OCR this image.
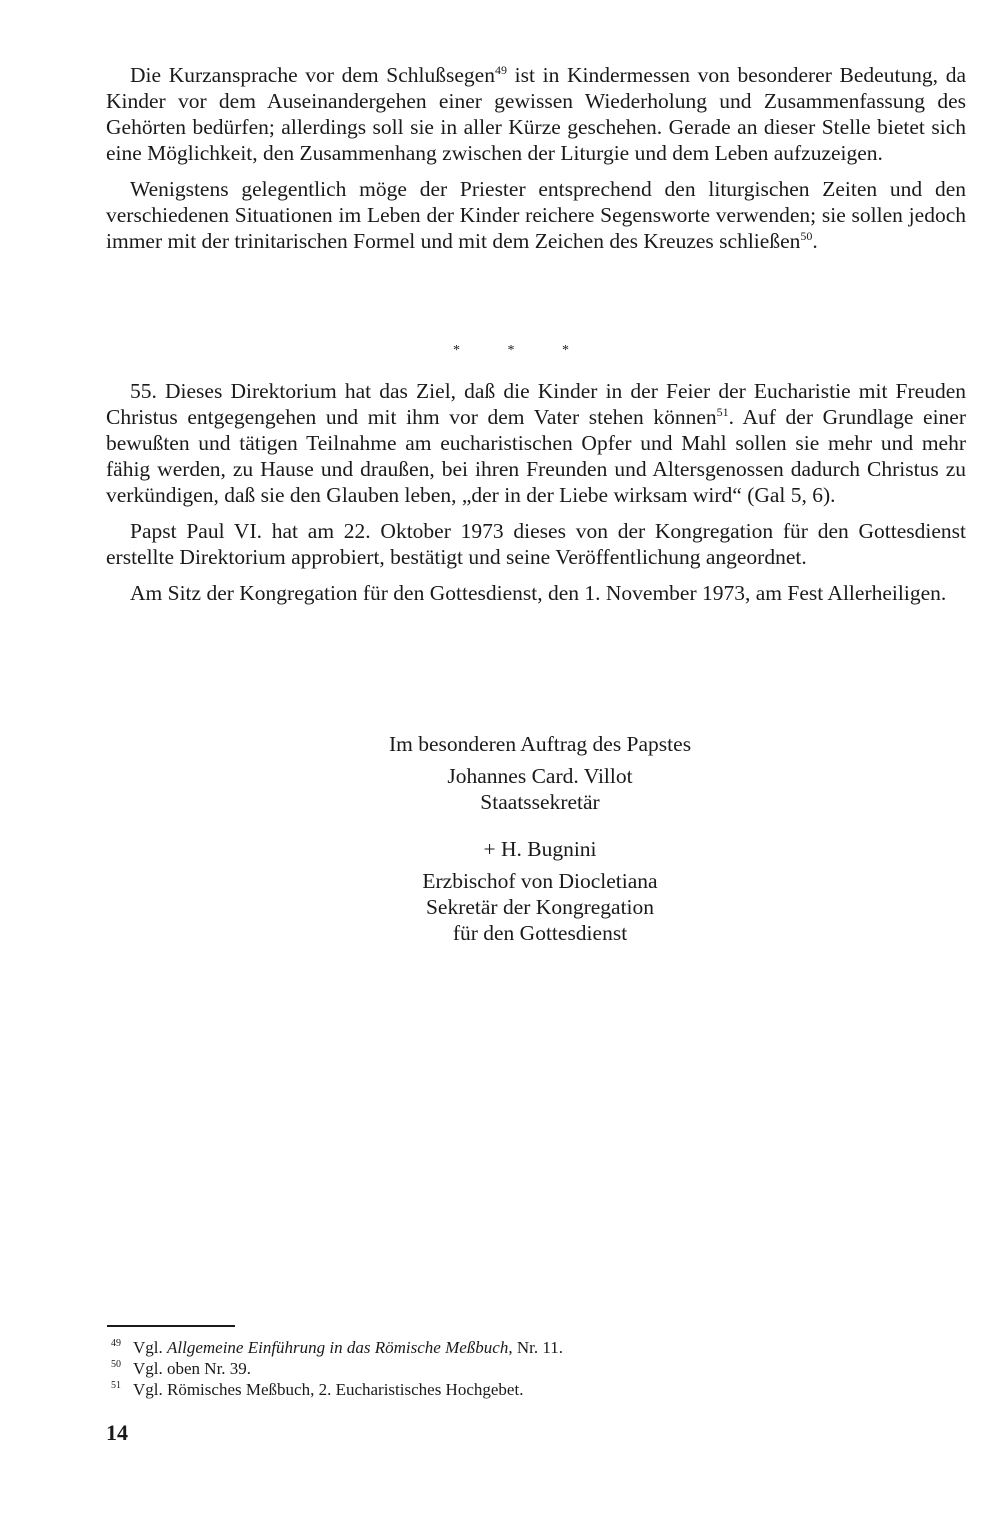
Die Kurzansprache vor dem Schlußsegen$^{49}$ ist in Kindermessen von besonderer Bedeutung, da Kinder vor dem Auseinandergehen einer gewissen Wiederholung und Zusammenfassung des Gehörten bedürfen; allerdings soll sie in aller Kürze geschehen. Gerade an dieser Stelle bietet sich eine Möglichkeit, den Zusammenhang zwischen der Liturgie und dem Leben aufzuzeigen.

Wenigstens gelegentlich möge der Priester entsprechend den liturgischen Zeiten und den verschiedenen Situationen im Leben der Kinder reichere Segensworte verwenden; sie sollen jedoch immer mit der trinitarischen Formel und mit dem Zeichen des Kreuzes schließen$^{50}$.

* * *

55. Dieses Direktorium hat das Ziel, daß die Kinder in der Feier der Eucharistie mit Freuden Christus entgegengehen und mit ihm vor dem Vater stehen können$^{51}$. Auf der Grundlage einer bewußten und tätigen Teilnahme am eucharistischen Opfer und Mahl sollen sie mehr und mehr fähig werden, zu Hause und draußen, bei ihren Freunden und Altersgenossen dadurch Christus zu verkündigen, daß sie den Glauben leben, „der in der Liebe wirksam wird“ (Gal 5, 6).

Papst Paul VI. hat am 22. Oktober 1973 dieses von der Kongregation für den Gottesdienst erstellte Direktorium approbiert, bestätigt und seine Veröffentlichung angeordnet.

Am Sitz der Kongregation für den Gottesdienst, den 1. November 1973, am Fest Allerheiligen.

Im besonderen Auftrag des Papstes
Johannes Card. Villot
Staatssekretär
+ H. Bugnini
Erzbischof von Diocletiana
Sekretär der Kongregation
für den Gottesdienst
49 Vgl. Allgemeine Einführung in das Römische Meßbuch, Nr. 11.
50 Vgl. oben Nr. 39.
51 Vgl. Römisches Meßbuch, 2. Eucharistisches Hochgebet.
14
